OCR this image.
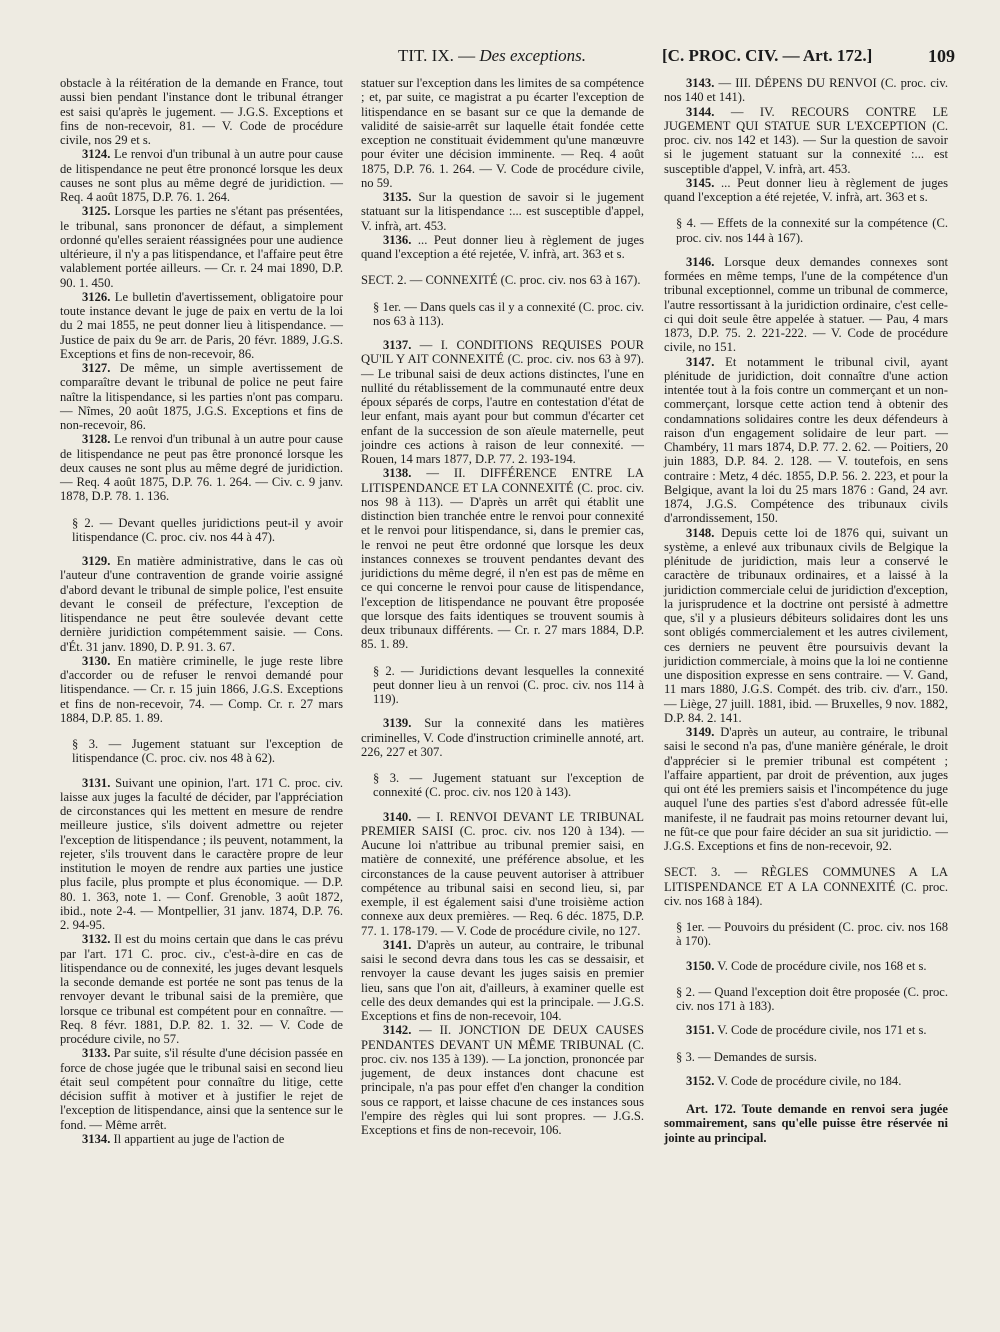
TIT. IX. — Des exceptions.	[C. PROC. CIV. — Art. 172.]	109

obstacle à la réitération de la demande en France, tout aussi bien pendant l'instance dont le tribunal étranger est saisi qu'après le jugement. — J.G.S. Exceptions et fins de non-recevoir, 81. — V. Code de procédure civile, nos 29 et s.

3124. Le renvoi d'un tribunal à un autre pour cause de litispendance ne peut être prononcé lorsque les deux causes ne sont plus au même degré de juridiction. — Req. 4 août 1875, D.P. 76. 1. 264.

3125. Lorsque les parties ne s'étant pas présentées, le tribunal, sans prononcer de défaut, a simplement ordonné qu'elles seraient réassignées pour une audience ultérieure, il n'y a pas litispendance, et l'affaire peut être valablement portée ailleurs. — Cr. r. 24 mai 1890, D.P. 90. 1. 450.

3126. Le bulletin d'avertissement, obligatoire pour toute instance devant le juge de paix en vertu de la loi du 2 mai 1855, ne peut donner lieu à litispendance. — Justice de paix du 9e arr. de Paris, 20 févr. 1889, J.G.S. Exceptions et fins de non-recevoir, 86.

3127. De même, un simple avertissement de comparaître devant le tribunal de police ne peut faire naître la litispendance, si les parties n'ont pas comparu. — Nîmes, 20 août 1875, J.G.S. Exceptions et fins de non-recevoir, 86.

3128. Le renvoi d'un tribunal à un autre pour cause de litispendance ne peut pas être prononcé lorsque les deux causes ne sont plus au même degré de juridiction. — Req. 4 août 1875, D.P. 76. 1. 264. — Civ. c. 9 janv. 1878, D.P. 78. 1. 136.

§ 2. — Devant quelles juridictions peut-il y avoir litispendance (C. proc. civ. nos 44 à 47).

3129. En matière administrative, dans le cas où l'auteur d'une contravention de grande voirie assigné d'abord devant le tribunal de simple police, l'est ensuite devant le conseil de préfecture, l'exception de litispendance ne peut être soulevée devant cette dernière juridiction compétemment saisie. — Cons. d'Ét. 31 janv. 1890, D. P. 91. 3. 67.

3130. En matière criminelle, le juge reste libre d'accorder ou de refuser le renvoi demandé pour litispendance. — Cr. r. 15 juin 1866, J.G.S. Exceptions et fins de non-recevoir, 74. — Comp. Cr. r. 27 mars 1884, D.P. 85. 1. 89.

§ 3. — Jugement statuant sur l'exception de litispendance (C. proc. civ. nos 48 à 62).

3131. Suivant une opinion, l'art. 171 C. proc. civ. laisse aux juges la faculté de décider, par l'appréciation de circonstances qui les mettent en mesure de rendre meilleure justice, s'ils doivent admettre ou rejeter l'exception de litispendance ; ils peuvent, notamment, la rejeter, s'ils trouvent dans le caractère propre de leur institution le moyen de rendre aux parties une justice plus facile, plus prompte et plus économique. — D.P. 80. 1. 363, note 1. — Conf. Grenoble, 3 août 1872, ibid., note 2-4. — Montpellier, 31 janv. 1874, D.P. 76. 2. 94-95.

3132. Il est du moins certain que dans le cas prévu par l'art. 171 C. proc. civ., c'est-à-dire en cas de litispendance ou de connexité, les juges devant lesquels la seconde demande est portée ne sont pas tenus de la renvoyer devant le tribunal saisi de la première, que lorsque ce tribunal est compétent pour en connaître. — Req. 8 févr. 1881, D.P. 82. 1. 32. — V. Code de procédure civile, no 57.

3133. Par suite, s'il résulte d'une décision passée en force de chose jugée que le tribunal saisi en second lieu était seul compétent pour connaître du litige, cette décision suffit à motiver et à justifier le rejet de l'exception de litispendance, ainsi que la sentence sur le fond. — Même arrêt.

3134. Il appartient au juge de l'action de

statuer sur l'exception dans les limites de sa compétence ; et, par suite, ce magistrat a pu écarter l'exception de litispendance en se basant sur ce que la demande de validité de saisie-arrêt sur laquelle était fondée cette exception ne constituait évidemment qu'une manœuvre pour éviter une décision imminente. — Req. 4 août 1875, D.P. 76. 1. 264. — V. Code de procédure civile, no 59.

3135. Sur la question de savoir si le jugement statuant sur la litispendance :... est susceptible d'appel, V. infrà, art. 453.

3136. ... Peut donner lieu à règlement de juges quand l'exception a été rejetée, V. infrà, art. 363 et s.

SECT. 2. — CONNEXITÉ (C. proc. civ. nos 63 à 167).

§ 1er. — Dans quels cas il y a connexité (C. proc. civ. nos 63 à 113).

3137. — I. CONDITIONS REQUISES POUR QU'IL Y AIT CONNEXITÉ (C. proc. civ. nos 63 à 97). — Le tribunal saisi de deux actions distinctes, l'une en nullité du rétablissement de la communauté entre deux époux séparés de corps, l'autre en contestation d'état de leur enfant, mais ayant pour but commun d'écarter cet enfant de la succession de son aïeule maternelle, peut joindre ces actions à raison de leur connexité. — Rouen, 14 mars 1877, D.P. 77. 2. 193-194.

3138. — II. DIFFÉRENCE ENTRE LA LITISPENDANCE ET LA CONNEXITÉ (C. proc. civ. nos 98 à 113). — D'après un arrêt qui établit une distinction bien tranchée entre le renvoi pour connexité et le renvoi pour litispendance, si, dans le premier cas, le renvoi ne peut être ordonné que lorsque les deux instances connexes se trouvent pendantes devant des juridictions du même degré, il n'en est pas de même en ce qui concerne le renvoi pour cause de litispendance, l'exception de litispendance ne pouvant être proposée que lorsque des faits identiques se trouvent soumis à deux tribunaux différents. — Cr. r. 27 mars 1884, D.P. 85. 1. 89.

§ 2. — Juridictions devant lesquelles la connexité peut donner lieu à un renvoi (C. proc. civ. nos 114 à 119).

3139. Sur la connexité dans les matières criminelles, V. Code d'instruction criminelle annoté, art. 226, 227 et 307.

§ 3. — Jugement statuant sur l'exception de connexité (C. proc. civ. nos 120 à 143).

3140. — I. RENVOI DEVANT LE TRIBUNAL PREMIER SAISI (C. proc. civ. nos 120 à 134). — Aucune loi n'attribue au tribunal premier saisi, en matière de connexité, une préférence absolue, et les circonstances de la cause peuvent autoriser à attribuer compétence au tribunal saisi en second lieu, si, par exemple, il est également saisi d'une troisième action connexe aux deux premières. — Req. 6 déc. 1875, D.P. 77. 1. 178-179. — V. Code de procédure civile, no 127.

3141. D'après un auteur, au contraire, le tribunal saisi le second devra dans tous les cas se dessaisir, et renvoyer la cause devant les juges saisis en premier lieu, sans que l'on ait, d'ailleurs, à examiner quelle est celle des deux demandes qui est la principale. — J.G.S. Exceptions et fins de non-recevoir, 104.

3142. — II. JONCTION DE DEUX CAUSES PENDANTES DEVANT UN MÊME TRIBUNAL (C. proc. civ. nos 135 à 139). — La jonction, prononcée par jugement, de deux instances dont chacune est principale, n'a pas pour effet d'en changer la condition sous ce rapport, et laisse chacune de ces instances sous l'empire des règles qui lui sont propres. — J.G.S. Exceptions et fins de non-recevoir, 106.

3143. — III. DÉPENS DU RENVOI (C. proc. civ. nos 140 et 141).

3144. — IV. RECOURS CONTRE LE JUGEMENT QUI STATUE SUR L'EXCEPTION (C. proc. civ. nos 142 et 143). — Sur la question de savoir si le jugement statuant sur la connexité :... est susceptible d'appel, V. infrà, art. 453.

3145. ... Peut donner lieu à règlement de juges quand l'exception a été rejetée, V. infrà, art. 363 et s.

§ 4. — Effets de la connexité sur la compétence (C. proc. civ. nos 144 à 167).

3146. Lorsque deux demandes connexes sont formées en même temps, l'une de la compétence d'un tribunal exceptionnel, comme un tribunal de commerce, l'autre ressortissant à la juridiction ordinaire, c'est celle-ci qui doit seule être appelée à statuer. — Pau, 4 mars 1873, D.P. 75. 2. 221-222. — V. Code de procédure civile, no 151.

3147. Et notamment le tribunal civil, ayant plénitude de juridiction, doit connaître d'une action intentée tout à la fois contre un commerçant et un non-commerçant, lorsque cette action tend à obtenir des condamnations solidaires contre les deux défendeurs à raison d'un engagement solidaire de leur part. — Chambéry, 11 mars 1874, D.P. 77. 2. 62. — Poitiers, 20 juin 1883, D.P. 84. 2. 128. — V. toutefois, en sens contraire : Metz, 4 déc. 1855, D.P. 56. 2. 223, et pour la Belgique, avant la loi du 25 mars 1876 : Gand, 24 avr. 1874, J.G.S. Compétence des tribunaux civils d'arrondissement, 150.

3148. Depuis cette loi de 1876 qui, suivant un système, a enlevé aux tribunaux civils de Belgique la plénitude de juridiction, mais leur a conservé le caractère de tribunaux ordinaires, et a laissé à la juridiction commerciale celui de juridiction d'exception, la jurisprudence et la doctrine ont persisté à admettre que, s'il y a plusieurs débiteurs solidaires dont les uns sont obligés commercialement et les autres civilement, ces derniers ne peuvent être poursuivis devant la juridiction commerciale, à moins que la loi ne contienne une disposition expresse en sens contraire. — V. Gand, 11 mars 1880, J.G.S. Compét. des trib. civ. d'arr., 150. — Liège, 27 juill. 1881, ibid. — Bruxelles, 9 nov. 1882, D.P. 84. 2. 141.

3149. D'après un auteur, au contraire, le tribunal saisi le second n'a pas, d'une manière générale, le droit d'apprécier si le premier tribunal est compétent ; l'affaire appartient, par droit de prévention, aux juges qui ont été les premiers saisis et l'incompétence du juge auquel l'une des parties s'est d'abord adressée fût-elle manifeste, il ne faudrait pas moins retourner devant lui, ne fût-ce que pour faire décider an sua sit juridictio. — J.G.S. Exceptions et fins de non-recevoir, 92.

SECT. 3. — RÈGLES COMMUNES A LA LITISPENDANCE ET A LA CONNEXITÉ (C. proc. civ. nos 168 à 184).

§ 1er. — Pouvoirs du président (C. proc. civ. nos 168 à 170).

3150. V. Code de procédure civile, nos 168 et s.

§ 2. — Quand l'exception doit être proposée (C. proc. civ. nos 171 à 183).

3151. V. Code de procédure civile, nos 171 et s.

§ 3. — Demandes de sursis.

3152. V. Code de procédure civile, no 184.

Art. 172. Toute demande en renvoi sera jugée sommairement, sans qu'elle puisse être réservée ni jointe au principal.
